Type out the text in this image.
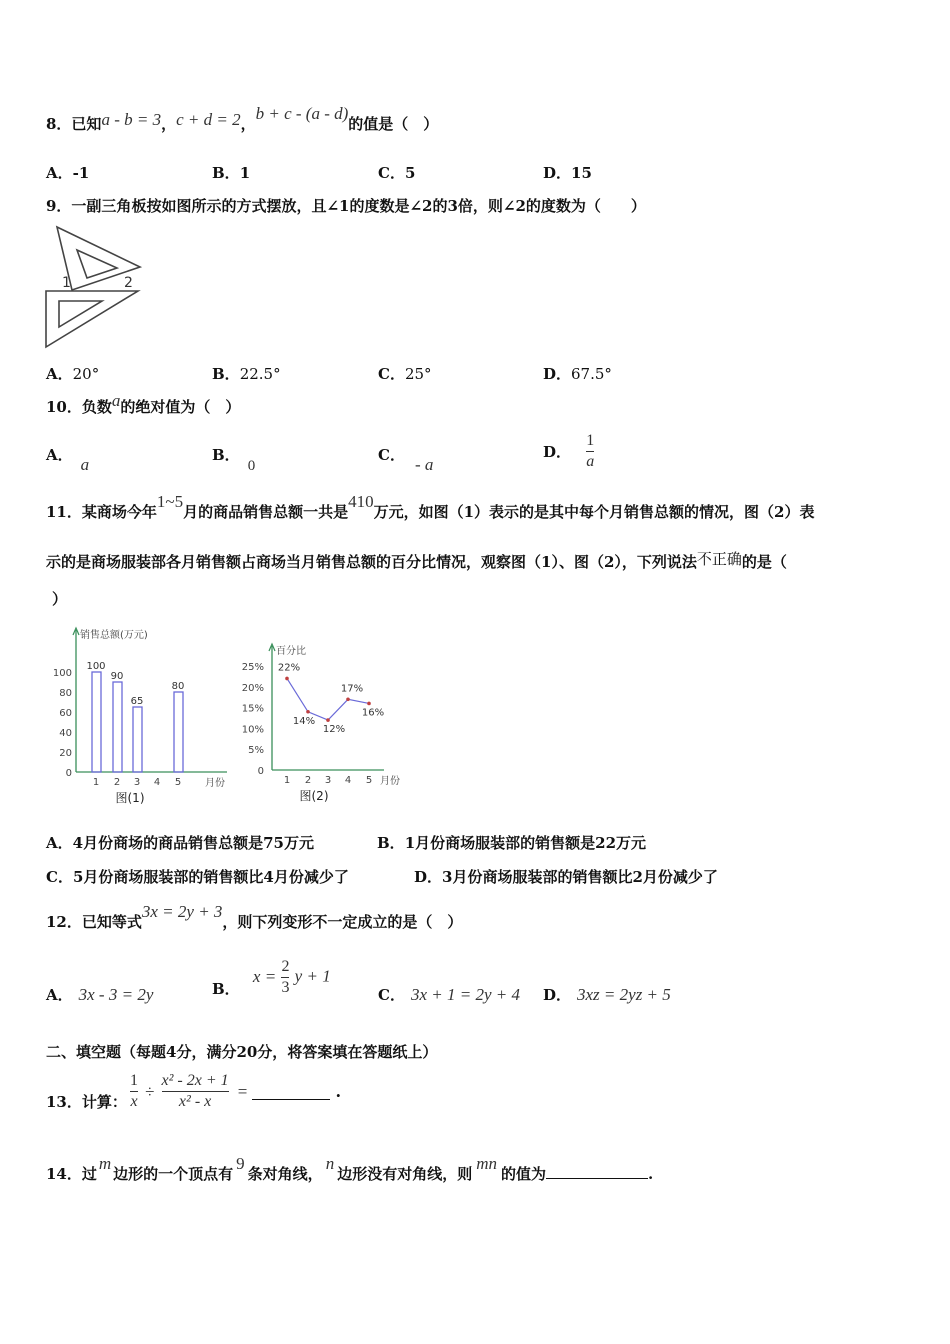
8．已知a - b = 3，c + d = 2，b + c - (a - d)的值是（　）
A．-1	B．1	C．5	D．15
9．一副三角板按如图所示的方式摆放，且∠1的度数是∠2的3倍，则∠2的度数为（　　）
1	2
A．20°	B．22.5°	C．25°	D．67.5°
10．负数a的绝对值为（　）
A． a	B．0
C． - a
D． $\frac{1}{a}$
11．某商场今年1~5月的商品销售总额一共是410万元，如图（1）表示的是其中每个月销售总额的情况，图（2）表
示的是商场服装部各月销售额占商场当月销售总额的百分比情况，观察图（1）、图（2），下列说法不正确的是（
）
销售总额(万元)
0
20
40
60
80
100
1
100
2
90
3
65
4 5
80
月份
图(1)
百分比
0
5%
10%
15%
20%
25%
1
22%
2
14%
3
12%
4
17%
5
16%
月份
图(2)
A．4月份商场的商品销售总额是75万元	B．1月份商场服装部的销售额是22万元
C．5月份商场服装部的销售额比4月份减少了	D．3月份商场服装部的销售额比2月份减少了
12．已知等式3x = 2y + 3，则下列变形不一定成立的是（　）
A． 3x - 3 = 2y	B． $x = \frac{2}{3}$ y + 1
C． 3x + 1 = 2y + 4 D． 3xz = 2yz + 5
二、填空题（每题4分，满分20分，将答案填在答题纸上）
13．计算： $\frac{1}{x} \div \frac{\text{x² - 2x + 1}}{\text{x² - x}}$ =	.
14．过m边形的一个顶点有9条对角线，n边形没有对角线，则mn的值为	.
